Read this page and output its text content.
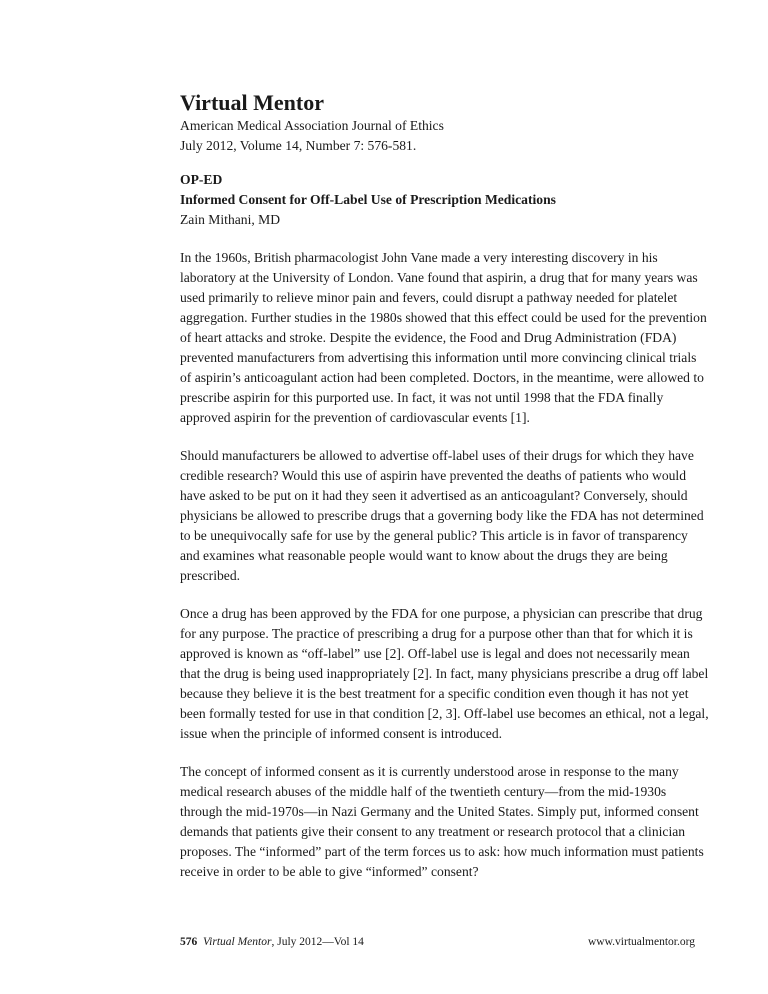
Virtual Mentor

American Medical Association Journal of Ethics

July 2012, Volume 14, Number 7: 576-581.

OP-ED

Informed Consent for Off-Label Use of Prescription Medications

Zain Mithani, MD

In the 1960s, British pharmacologist John Vane made a very interesting discovery in his laboratory at the University of London. Vane found that aspirin, a drug that for many years was used primarily to relieve minor pain and fevers, could disrupt a pathway needed for platelet aggregation. Further studies in the 1980s showed that this effect could be used for the prevention of heart attacks and stroke. Despite the evidence, the Food and Drug Administration (FDA) prevented manufacturers from advertising this information until more convincing clinical trials of aspirin’s anticoagulant action had been completed. Doctors, in the meantime, were allowed to prescribe aspirin for this purported use. In fact, it was not until 1998 that the FDA finally approved aspirin for the prevention of cardiovascular events [1].

Should manufacturers be allowed to advertise off-label uses of their drugs for which they have credible research? Would this use of aspirin have prevented the deaths of patients who would have asked to be put on it had they seen it advertised as an anticoagulant? Conversely, should physicians be allowed to prescribe drugs that a governing body like the FDA has not determined to be unequivocally safe for use by the general public? This article is in favor of transparency and examines what reasonable people would want to know about the drugs they are being prescribed.

Once a drug has been approved by the FDA for one purpose, a physician can prescribe that drug for any purpose. The practice of prescribing a drug for a purpose other than that for which it is approved is known as “off-label” use [2]. Off-label use is legal and does not necessarily mean that the drug is being used inappropriately [2]. In fact, many physicians prescribe a drug off label because they believe it is the best treatment for a specific condition even though it has not yet been formally tested for use in that condition [2, 3]. Off-label use becomes an ethical, not a legal, issue when the principle of informed consent is introduced.

The concept of informed consent as it is currently understood arose in response to the many medical research abuses of the middle half of the twentieth century—from the mid-1930s through the mid-1970s—in Nazi Germany and the United States. Simply put, informed consent demands that patients give their consent to any treatment or research protocol that a clinician proposes. The “informed” part of the term forces us to ask: how much information must patients receive in order to be able to give “informed” consent?

576 Virtual Mentor, July 2012—Vol 14	www.virtualmentor.org
